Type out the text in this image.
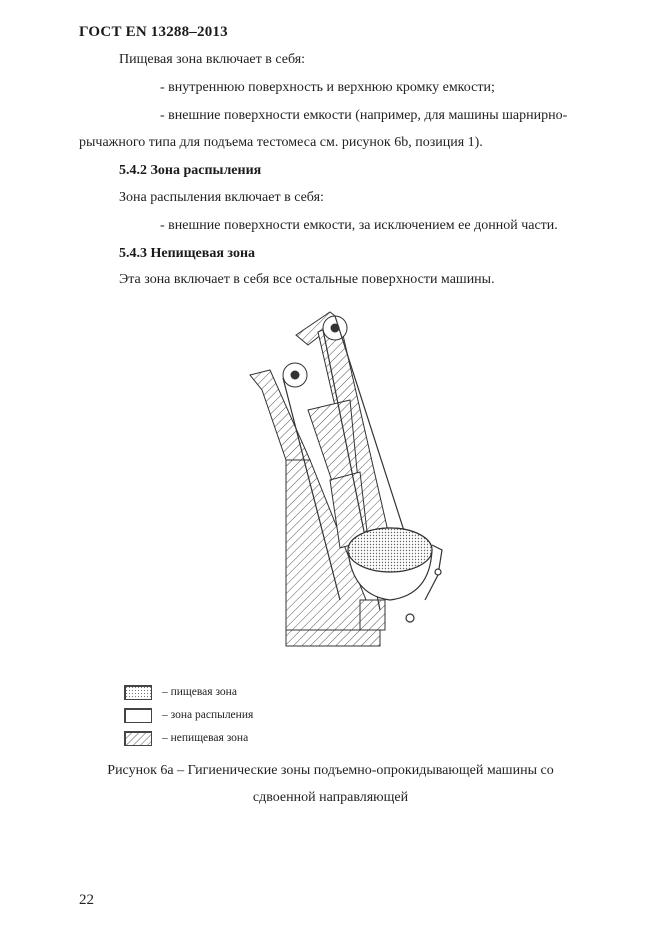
ГОСТ EN 13288–2013
Пищевая зона включает в себя:
- внутреннюю поверхность и верхнюю кромку емкости;
- внешние поверхности емкости (например, для машины шарнирно-
рычажного типа для подъема тестомеса см. рисунок 6b, позиция 1).
5.4.2 Зона распыления
Зона распыления включает в себя:
- внешние поверхности емкости, за исключением ее донной части.
5.4.3 Непищевая зона
Эта зона включает в себя все остальные поверхности машины.
– пищевая зона
– зона распыления
– непищевая зона
Рисунок 6a – Гигиенические зоны подъемно-опрокидывающей машины со
сдвоенной направляющей
22
